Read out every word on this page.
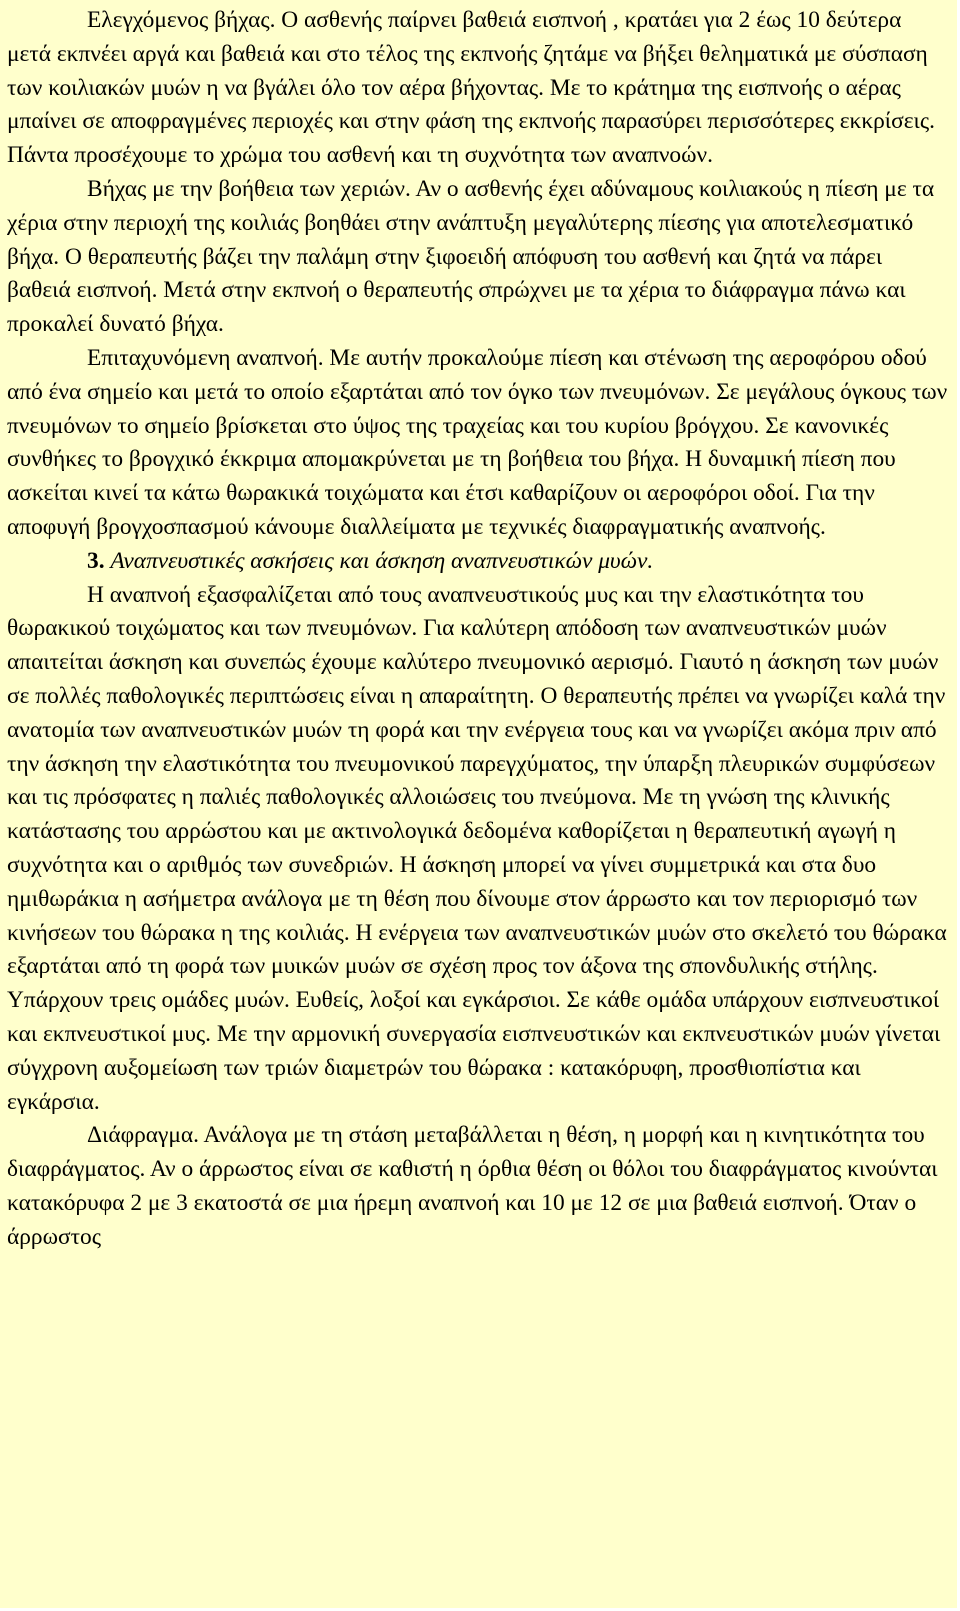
Ελεγχόμενος βήχας. Ο ασθενής παίρνει βαθειά εισπνοή , κρατάει για 2 έως 10 δεύτερα μετά εκπνέει αργά και βαθειά και στο τέλος της εκπνοής ζητάμε να βήξει θεληματικά με σύσπαση των κοιλιακών μυών η να βγάλει όλο τον αέρα βήχοντας. Με το κράτημα της εισπνοής ο αέρας μπαίνει σε αποφραγμένες περιοχές και στην φάση της εκπνοής παρασύρει περισσότερες εκκρίσεις. Πάντα προσέχουμε το χρώμα του ασθενή και τη συχνότητα των αναπνοών.

Βήχας με την βοήθεια των χεριών. Αν ο ασθενής έχει αδύναμους κοιλιακούς η πίεση με τα χέρια στην περιοχή της κοιλιάς βοηθάει στην ανάπτυξη μεγαλύτερης πίεσης για αποτελεσματικό βήχα. Ο θεραπευτής βάζει την παλάμη στην ξιφοειδή απόφυση του ασθενή και ζητά να πάρει βαθειά εισπνοή. Μετά στην εκπνοή ο θεραπευτής σπρώχνει με τα χέρια το διάφραγμα πάνω και προκαλεί δυνατό βήχα.

Επιταχυνόμενη αναπνοή. Με αυτήν προκαλούμε πίεση και στένωση της αεροφόρου οδού από ένα σημείο και μετά το οποίο εξαρτάται από τον όγκο των πνευμόνων. Σε μεγάλους όγκους των πνευμόνων το σημείο βρίσκεται στο ύψος της τραχείας και του κυρίου βρόγχου. Σε κανονικές συνθήκες το βρογχικό έκκριμα απομακρύνεται με τη βοήθεια του βήχα. Η δυναμική πίεση που ασκείται κινεί τα κάτω θωρακικά τοιχώματα και έτσι καθαρίζουν οι αεροφόροι οδοί. Για την αποφυγή βρογχοσπασμού κάνουμε διαλλείματα με τεχνικές διαφραγματικής αναπνοής.

3. Αναπνευστικές ασκήσεις και άσκηση αναπνευστικών μυών.

Η αναπνοή εξασφαλίζεται από τους αναπνευστικούς μυς και την ελαστικότητα του θωρακικού τοιχώματος και των πνευμόνων. Για καλύτερη απόδοση των αναπνευστικών μυών απαιτείται άσκηση και συνεπώς έχουμε καλύτερο πνευμονικό αερισμό. Γιαυτό η άσκηση των μυών σε πολλές παθολογικές περιπτώσεις είναι η απαραίτητη. Ο θεραπευτής πρέπει να γνωρίζει καλά την ανατομία των αναπνευστικών μυών τη φορά και την ενέργεια τους και να γνωρίζει ακόμα πριν από την άσκηση την ελαστικότητα του πνευμονικού παρεγχύματος, την ύπαρξη πλευρικών συμφύσεων και τις πρόσφατες η παλιές παθολογικές αλλοιώσεις του πνεύμονα. Με τη γνώση της κλινικής κατάστασης του αρρώστου και με ακτινολογικά δεδομένα καθορίζεται η θεραπευτική αγωγή η συχνότητα και ο αριθμός των συνεδριών. Η άσκηση μπορεί να γίνει συμμετρικά και στα δυο ημιθωράκια η ασήμετρα ανάλογα με τη θέση που δίνουμε στον άρρωστο και τον περιορισμό των κινήσεων του θώρακα η της κοιλιάς. Η ενέργεια των αναπνευστικών μυών στο σκελετό του θώρακα εξαρτάται από τη φορά των μυικών μυών σε σχέση προς τον άξονα της σπονδυλικής στήλης. Υπάρχουν τρεις ομάδες μυών. Ευθείς, λοξοί και εγκάρσιοι. Σε κάθε ομάδα υπάρχουν εισπνευστικοί και εκπνευστικοί μυς. Με την αρμονική συνεργασία εισπνευστικών και εκπνευστικών μυών γίνεται σύγχρονη αυξομείωση των τριών διαμετρών του θώρακα : κατακόρυφη, προσθιοπίστια και εγκάρσια.

Διάφραγμα. Ανάλογα με τη στάση μεταβάλλεται η θέση, η μορφή και η κινητικότητα του διαφράγματος. Αν ο άρρωστος είναι σε καθιστή η όρθια θέση οι θόλοι του διαφράγματος κινούνται κατακόρυφα 2 με 3 εκατοστά σε μια ήρεμη αναπνοή και 10 με 12 σε μια βαθειά εισπνοή. Όταν ο άρρωστος
